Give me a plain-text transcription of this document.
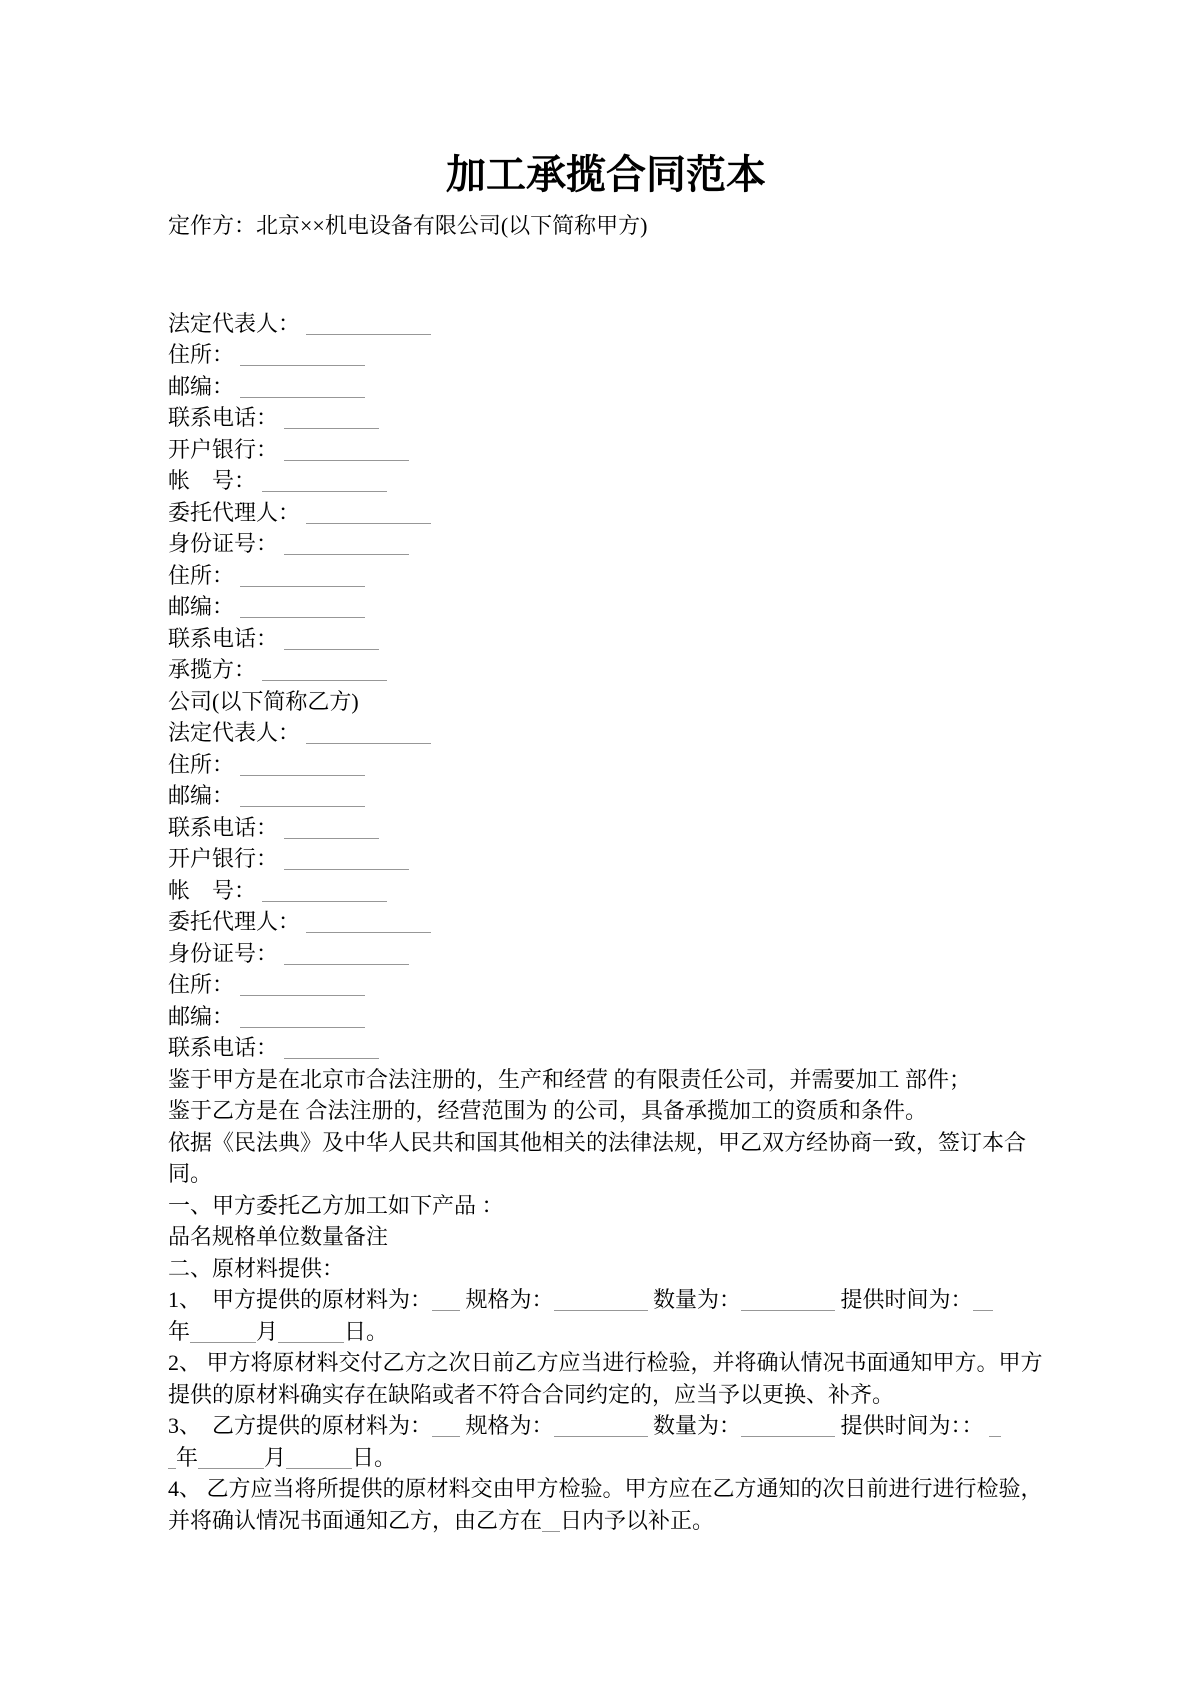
加工承揽合同范本

定作方：北京××机电设备有限公司(以下简称甲方)

法定代表人：
住所：
邮编：
联系电话：
开户银行：
帐　号：
委托代理人：
身份证号：
住所：
邮编：
联系电话：
承揽方：
公司(以下简称乙方)
法定代表人：
住所：
邮编：
联系电话：
开户银行：
帐　号：
委托代理人：
身份证号：
住所：
邮编：
联系电话：

鉴于甲方是在北京市合法注册的，生产和经营 的有限责任公司，并需要加工 部件；

鉴于乙方是在 合法注册的，经营范围为 的公司，具备承揽加工的资质和条件。

依据《民法典》及中华人民共和国其他相关的法律法规，甲乙双方经协商一致，签订本合同。

一、甲方委托乙方加工如下产品 ：

品名规格单位数量备注

二、原材料提供：

1、　甲方提供的原材料为： 规格为：	数量为：	提供时间为：
年	月	日。

2、 甲方将原材料交付乙方之次日前乙方应当进行检验，并将确认情况书面通知甲方。甲方提供的原材料确实存在缺陷或者不符合合同约定的，应当予以更换、补齐。

3、　乙方提供的原材料为： 规格为：	数量为：	提供时间为：：
年	月	日。

4、 乙方应当将所提供的原材料交由甲方检验。甲方应在乙方通知的次日前进行进行检验，并将确认情况书面通知乙方，由乙方在 日内予以补正。
